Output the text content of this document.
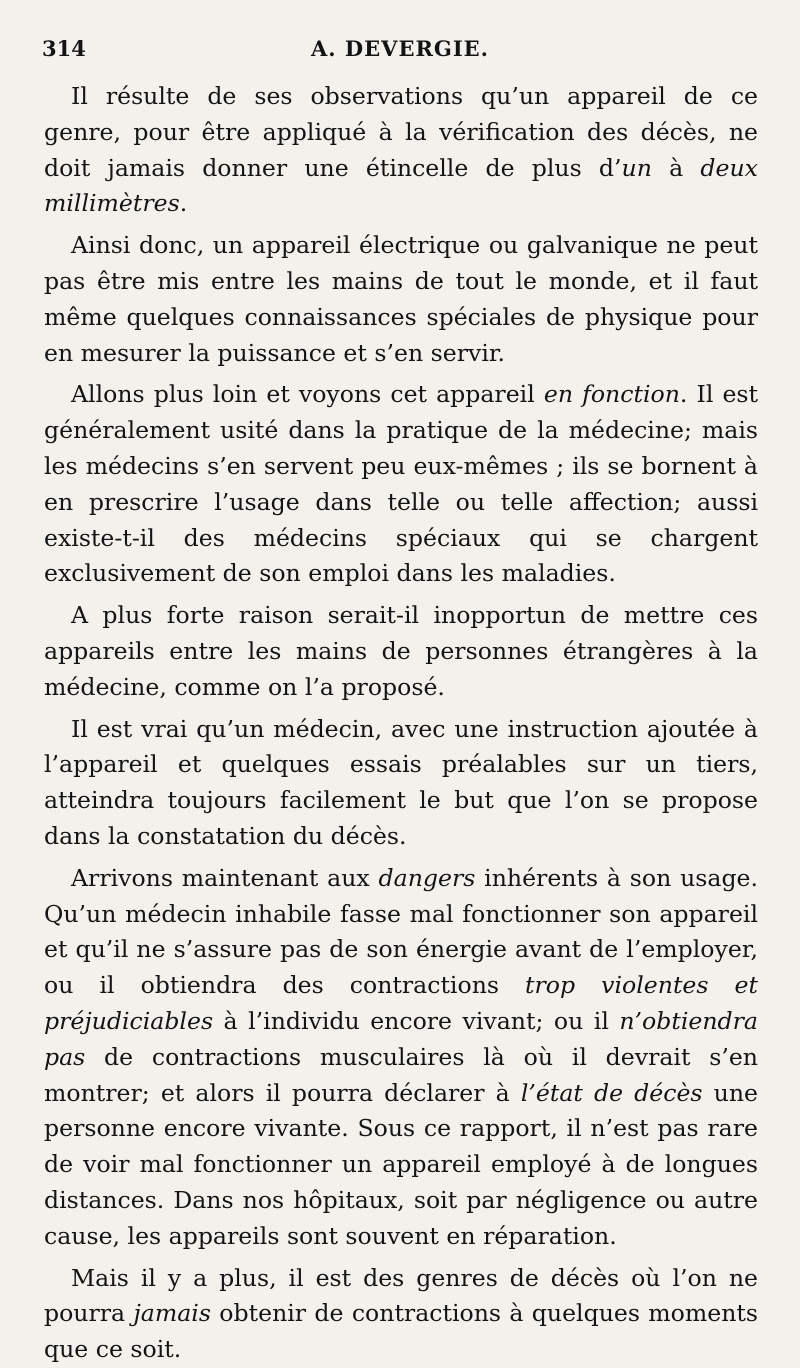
314	A. DEVERGIE.

Il résulte de ses observations qu’un appareil de ce genre, pour être appliqué à la vérification des décès, ne doit jamais donner une étincelle de plus d’un à deux millimètres.

Ainsi donc, un appareil électrique ou galvanique ne peut pas être mis entre les mains de tout le monde, et il faut même quelques connaissances spéciales de physique pour en mesurer la puissance et s’en servir.

Allons plus loin et voyons cet appareil en fonction. Il est généralement usité dans la pratique de la médecine; mais les médecins s’en servent peu eux-mêmes ; ils se bornent à en prescrire l’usage dans telle ou telle affection; aussi existe-t-il des médecins spéciaux qui se chargent exclusivement de son emploi dans les maladies.

A plus forte raison serait-il inopportun de mettre ces appareils entre les mains de personnes étrangères à la médecine, comme on l’a proposé.

Il est vrai qu’un médecin, avec une instruction ajoutée à l’appareil et quelques essais préalables sur un tiers, atteindra toujours facilement le but que l’on se propose dans la constatation du décès.

Arrivons maintenant aux dangers inhérents à son usage. Qu’un médecin inhabile fasse mal fonctionner son appareil et qu’il ne s’assure pas de son énergie avant de l’employer, ou il obtiendra des contractions trop violentes et préjudiciables à l’individu encore vivant; ou il n’obtiendra pas de contractions musculaires là où il devrait s’en montrer; et alors il pourra déclarer à l’état de décès une personne encore vivante. Sous ce rapport, il n’est pas rare de voir mal fonctionner un appareil employé à de longues distances. Dans nos hôpitaux, soit par négligence ou autre cause, les appareils sont souvent en réparation.

Mais il y a plus, il est des genres de décès où l’on ne pourra jamais obtenir de contractions à quelques moments que ce soit.
